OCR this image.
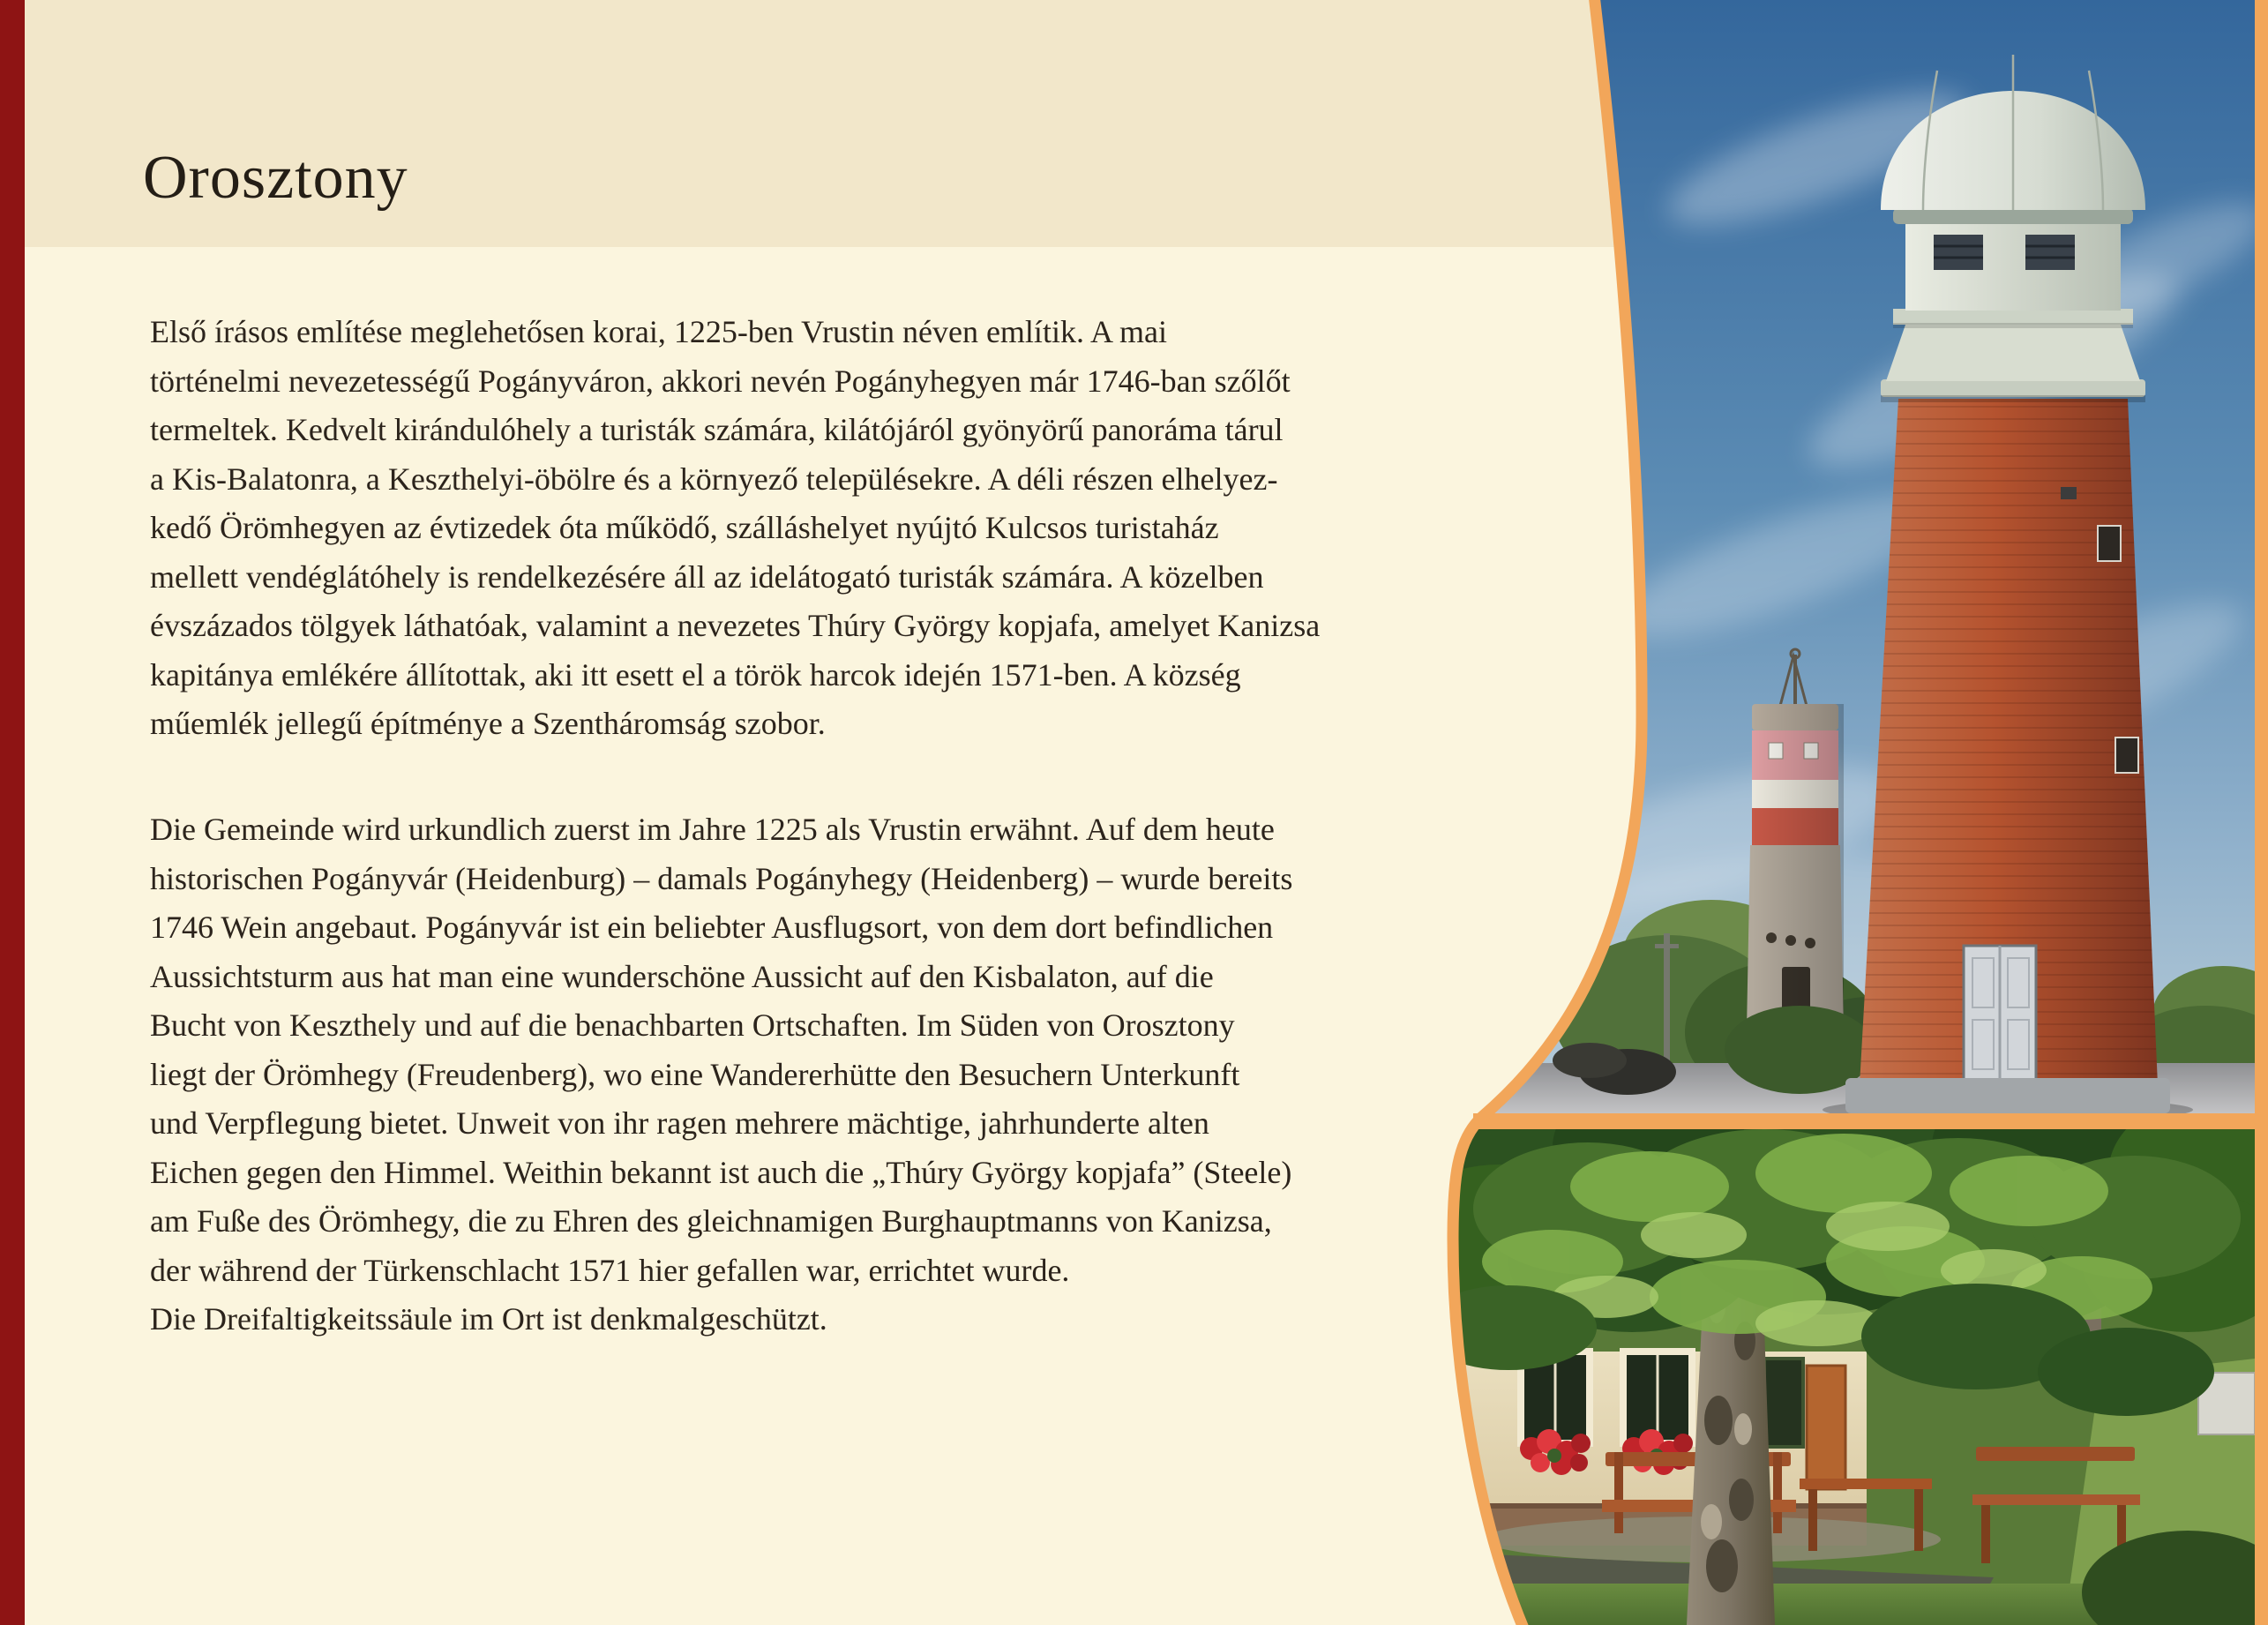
Orosztony
Első írásos említése meglehetősen korai, 1225-ben Vrustin néven említik. A mai
történelmi nevezetességű Pogányváron, akkori nevén Pogányhegyen már 1746-ban szőlőt
termeltek. Kedvelt kirándulóhely a turisták számára, kilátójáról gyönyörű panoráma tárul
a Kis-Balatonra, a Keszthelyi-öbölre és a környező településekre. A déli részen elhelyez-
kedő Örömhegyen az évtizedek óta működő, szálláshelyet nyújtó Kulcsos turistaház
mellett vendéglátóhely is rendelkezésére áll az idelátogató turisták számára. A közelben
évszázados tölgyek láthatóak, valamint a nevezetes Thúry György kopjafa, amelyet Kanizsa
kapitánya emlékére állítottak, aki itt esett el a török harcok idején 1571-ben. A község
műemlék jellegű építménye a Szentháromság szobor.
Die Gemeinde wird urkundlich zuerst im Jahre 1225 als Vrustin erwähnt. Auf dem heute
historischen Pogányvár (Heidenburg) – damals Pogányhegy (Heidenberg) – wurde bereits
1746 Wein angebaut. Pogányvár ist ein beliebter Ausflugsort, von dem dort befindlichen
Aussichtsturm aus hat man eine wunderschöne Aussicht auf den Kisbalaton, auf die
Bucht von Keszthely und auf die benachbarten Ortschaften. Im Süden von Orosztony
liegt der Örömhegy (Freudenberg), wo eine Wandererhütte den Besuchern Unterkunft
und Verpflegung bietet. Unweit von ihr ragen mehrere mächtige, jahrhunderte alten
Eichen gegen den Himmel. Weithin bekannt ist auch die „Thúry György kopjafa” (Steele)
am Fuße des Örömhegy, die zu Ehren des gleichnamigen Burghauptmanns von Kanizsa,
der während der Türkenschlacht 1571 hier gefallen war, errichtet wurde.
Die Dreifaltigkeitssäule im Ort ist denkmalgeschützt.
